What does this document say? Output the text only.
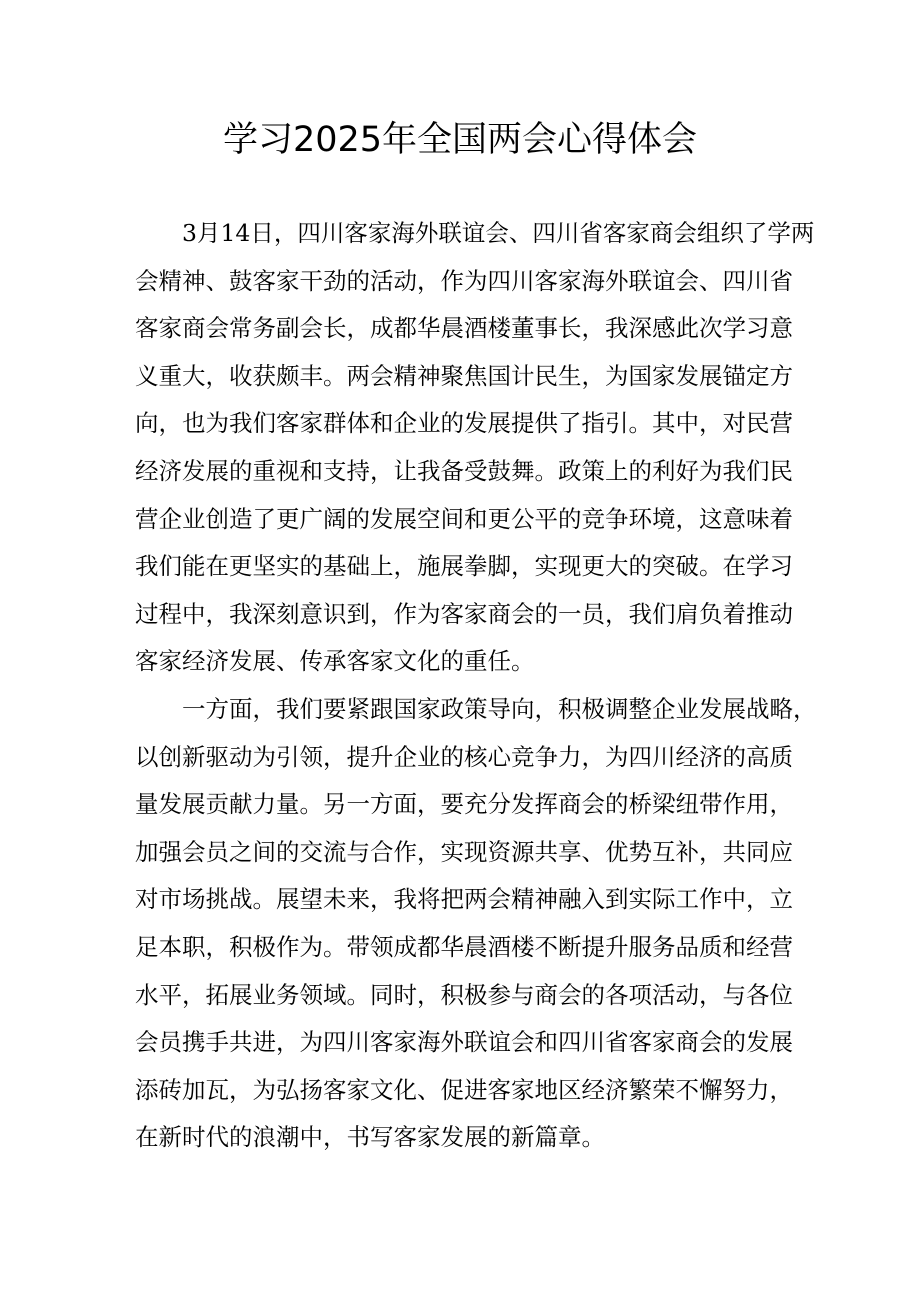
学习2025年全国两会心得体会
3月14日，四川客家海外联谊会、四川省客家商会组织了学两
会精神、鼓客家干劲的活动，作为四川客家海外联谊会、四川省
客家商会常务副会长，成都华晨酒楼董事长，我深感此次学习意
义重大，收获颇丰。两会精神聚焦国计民生，为国家发展锚定方
向，也为我们客家群体和企业的发展提供了指引。其中，对民营
经济发展的重视和支持，让我备受鼓舞。政策上的利好为我们民
营企业创造了更广阔的发展空间和更公平的竞争环境，这意味着
我们能在更坚实的基础上，施展拳脚，实现更大的突破。在学习
过程中，我深刻意识到，作为客家商会的一员，我们肩负着推动
客家经济发展、传承客家文化的重任。
一方面，我们要紧跟国家政策导向，积极调整企业发展战略，
以创新驱动为引领，提升企业的核心竞争力，为四川经济的高质
量发展贡献力量。另一方面，要充分发挥商会的桥梁纽带作用，
加强会员之间的交流与合作，实现资源共享、优势互补，共同应
对市场挑战。展望未来，我将把两会精神融入到实际工作中，立
足本职，积极作为。带领成都华晨酒楼不断提升服务品质和经营
水平，拓展业务领域。同时，积极参与商会的各项活动，与各位
会员携手共进，为四川客家海外联谊会和四川省客家商会的发展
添砖加瓦，为弘扬客家文化、促进客家地区经济繁荣不懈努力，
在新时代的浪潮中，书写客家发展的新篇章。
